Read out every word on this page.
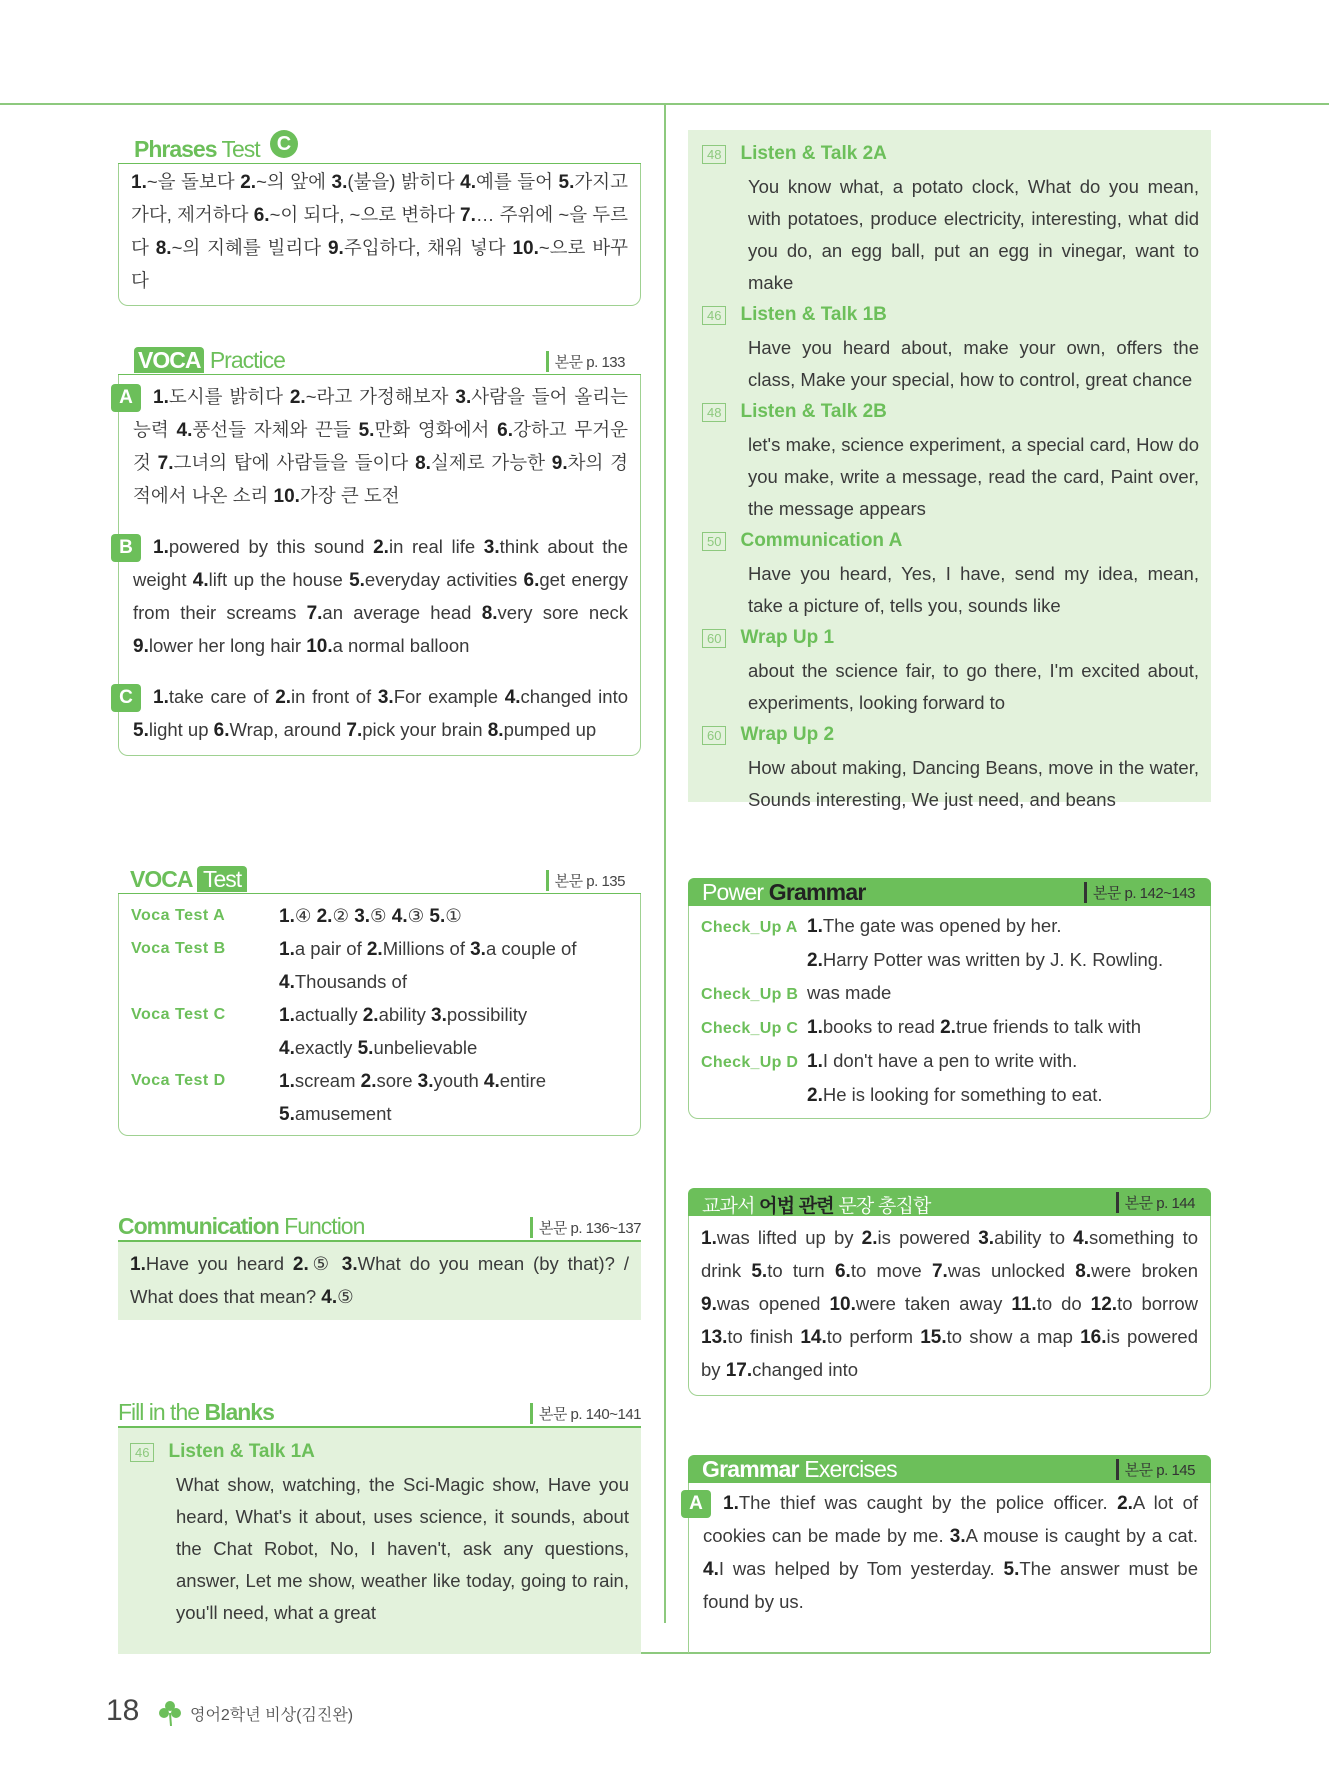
Phrases Test C
1.~을 돌보다 2.~의 앞에 3.(불을) 밝히다 4.예를 들어 5.가지고 가다, 제거하다 6.~이 되다, ~으로 변하다 7.… 주위에 ~을 두르다 8.~의 지혜를 빌리다 9.주입하다, 채워 넣다 10.~으로 바꾸다
VOCA Practice	본문 p. 133
A 1.도시를 밝히다 2.~라고 가정해보자 3.사람을 들어 올리는 능력 4.풍선들 자체와 끈들 5.만화 영화에서 6.강하고 무거운 것 7.그녀의 탑에 사람들을 들이다 8.실제로 가능한 9.차의 경적에서 나온 소리 10.가장 큰 도전
B 1.powered by this sound 2.in real life 3.think about the weight 4.lift up the house 5.everyday activities 6.get energy from their screams 7.an average head 8.very sore neck 9.lower her long hair 10.a normal balloon
C 1.take care of 2.in front of 3.For example 4.changed into 5.light up 6.Wrap, around 7.pick your brain 8.pumped up
VOCA Test	본문 p. 135
Voca Test A	1.④ 2.② 3.⑤ 4.③ 5.①
Voca Test B	1.a pair of 2.Millions of 3.a couple of
4.Thousands of
Voca Test C	1.actually 2.ability 3.possibility
4.exactly 5.unbelievable
Voca Test D	1.scream 2.sore 3.youth 4.entire
5.amusement
Communication Function	본문 p. 136~137
1.Have you heard 2.⑤ 3.What do you mean (by that)? / What does that mean? 4.⑤
Fill in the Blanks	본문 p. 140~141
46 Listen & Talk 1A
What show, watching, the Sci-Magic show, Have you heard, What's it about, uses science, it sounds, about the Chat Robot, No, I haven't, ask any questions, answer, Let me show, weather like today, going to rain, you'll need, what a great
48 Listen & Talk 2A
You know what, a potato clock, What do you mean, with potatoes, produce electricity, interesting, what did you do, an egg ball, put an egg in vinegar, want to make
46 Listen & Talk 1B
Have you heard about, make your own, offers the class, Make your special, how to control, great chance
48 Listen & Talk 2B
let's make, science experiment, a special card, How do you make, write a message, read the card, Paint over, the message appears
50 Communication A
Have you heard, Yes, I have, send my idea, mean, take a picture of, tells you, sounds like
60 Wrap Up 1
about the science fair, to go there, I'm excited about, experiments, looking forward to
60 Wrap Up 2
How about making, Dancing Beans, move in the water, Sounds interesting, We just need, and beans
Power Grammar	본문 p. 142~143
Check_Up A 1.The gate was opened by her.
2.Harry Potter was written by J. K. Rowling.
Check_Up B was made
Check_Up C 1.books to read 2.true friends to talk with
Check_Up D 1.I don't have a pen to write with.
2.He is looking for something to eat.
교과서 어법 관련 문장 총집합	본문 p. 144
1.was lifted up by 2.is powered 3.ability to 4.something to drink 5.to turn 6.to move 7.was unlocked 8.were broken 9.was opened 10.were taken away 11.to do 12.to borrow 13.to finish 14.to perform 15.to show a map 16.is powered by 17.changed into
Grammar Exercises	본문 p. 145
A 1.The thief was caught by the police officer. 2.A lot of cookies can be made by me. 3.A mouse is caught by a cat. 4.I was helped by Tom yesterday. 5.The answer must be found by us.
18	영어2학년 비상(김진완)
